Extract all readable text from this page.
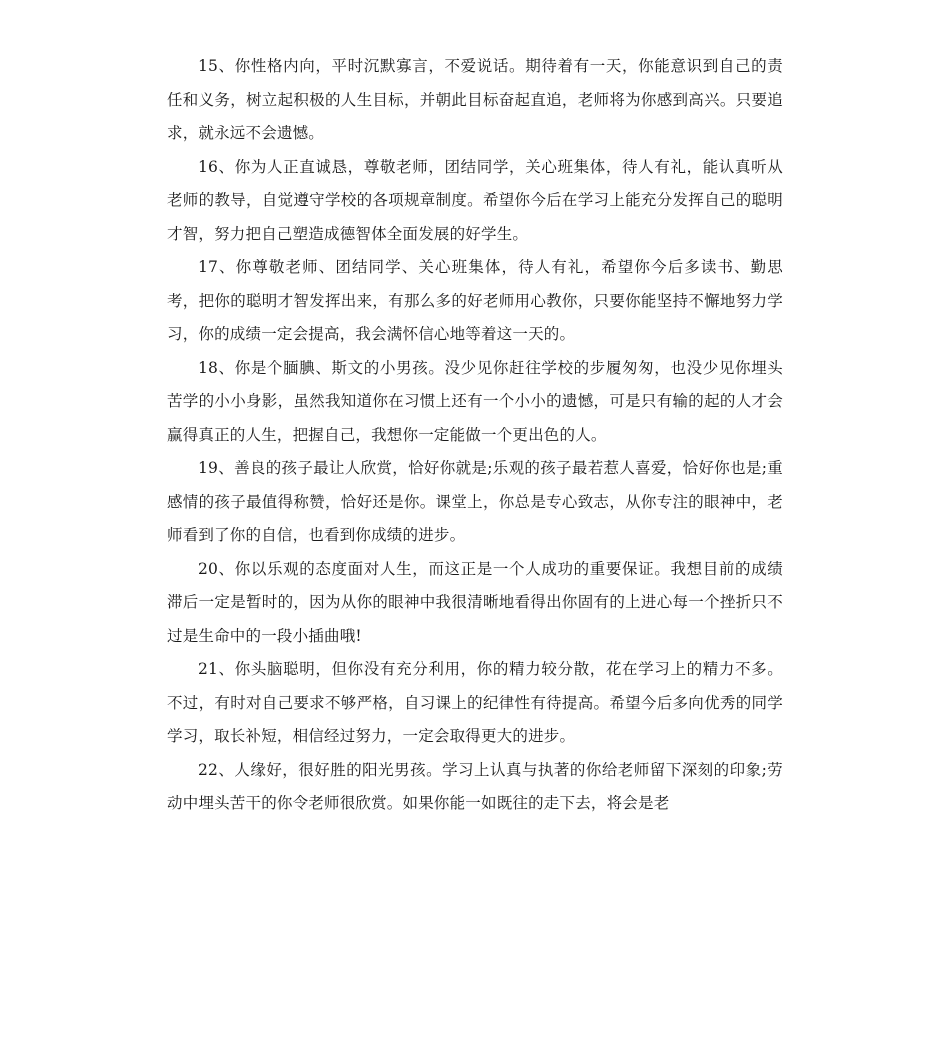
15、你性格内向，平时沉默寡言，不爱说话。期待着有一天，你能意识到自己的责任和义务，树立起积极的人生目标，并朝此目标奋起直追，老师将为你感到高兴。只要追求，就永远不会遗憾。

16、你为人正直诚恳，尊敬老师，团结同学，关心班集体，待人有礼，能认真听从老师的教导，自觉遵守学校的各项规章制度。希望你今后在学习上能充分发挥自己的聪明才智，努力把自己塑造成德智体全面发展的好学生。

17、你尊敬老师、团结同学、关心班集体，待人有礼，希望你今后多读书、勤思考，把你的聪明才智发挥出来，有那么多的好老师用心教你，只要你能坚持不懈地努力学习，你的成绩一定会提高，我会满怀信心地等着这一天的。

18、你是个腼腆、斯文的小男孩。没少见你赶往学校的步履匆匆，也没少见你埋头苦学的小小身影，虽然我知道你在习惯上还有一个小小的遗憾，可是只有输的起的人才会赢得真正的人生，把握自己，我想你一定能做一个更出色的人。

19、善良的孩子最让人欣赏，恰好你就是;乐观的孩子最若惹人喜爱，恰好你也是;重感情的孩子最值得称赞，恰好还是你。课堂上，你总是专心致志，从你专注的眼神中，老师看到了你的自信，也看到你成绩的进步。

20、你以乐观的态度面对人生，而这正是一个人成功的重要保证。我想目前的成绩滞后一定是暂时的，因为从你的眼神中我很清晰地看得出你固有的上进心每一个挫折只不过是生命中的一段小插曲哦!

21、你头脑聪明，但你没有充分利用，你的精力较分散，花在学习上的精力不多。不过，有时对自己要求不够严格，自习课上的纪律性有待提高。希望今后多向优秀的同学学习，取长补短，相信经过努力，一定会取得更大的进步。

22、人缘好，很好胜的阳光男孩。学习上认真与执著的你给老师留下深刻的印象;劳动中埋头苦干的你令老师很欣赏。如果你能一如既往的走下去，将会是老
